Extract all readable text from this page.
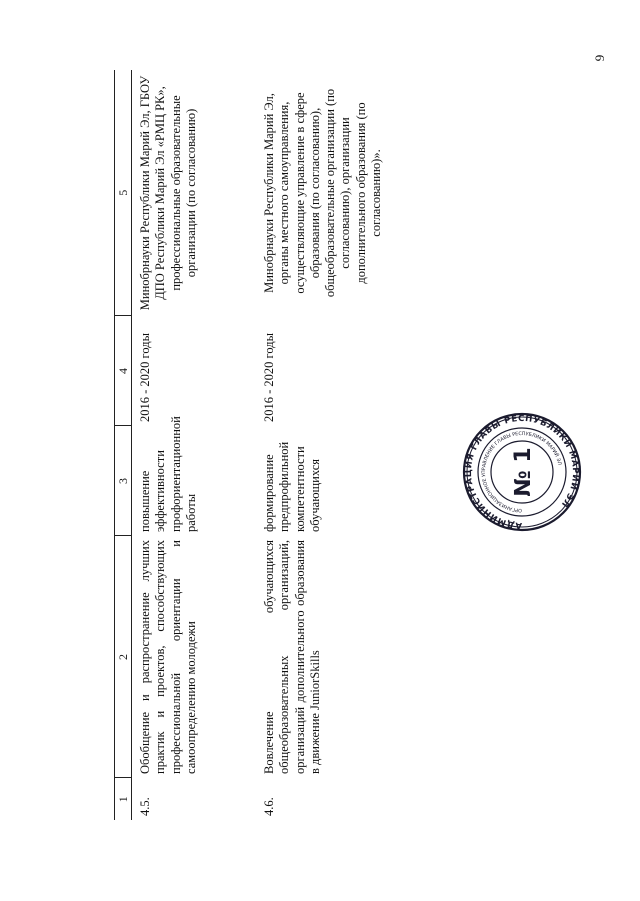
9
1	2	3	4	5
4.5.	Обобщение и распространение лучших практик и проектов, способствующих профессиональной ориентации и самоопределению молодежи	повышение эффективности профориентационной работы	2016 - 2020 годы	Минобрнауки Республики Марий Эл, ГБОУ ДПО Республики Марий Эл «РМЦ РК», профессиональные образовательные организации (по согласованию)
4.6.	Вовлечение обучающихся общеобразовательных организаций, организаций дополнительного образования в движение JuniorSkills	формирование предпрофильной компетентности обучающихся	2016 - 2020 годы	Минобрнауки Республики Марий Эл, органы местного самоуправления, осуществляющие управление в сфере образования (по согласованию), общеобразовательные организации (по согласованию), организации дополнительного образования (по согласованию)».
АДМИНИСТРАЦИЯ ГЛАВЫ РЕСПУБЛИКИ МАРИЙ ЭЛ
ОРГАНИЗАЦИОННОЕ УПРАВЛЕНИЕ ГЛАВЫ РЕСПУБЛИКИ МАРИЙ ЭЛ
№ 1
